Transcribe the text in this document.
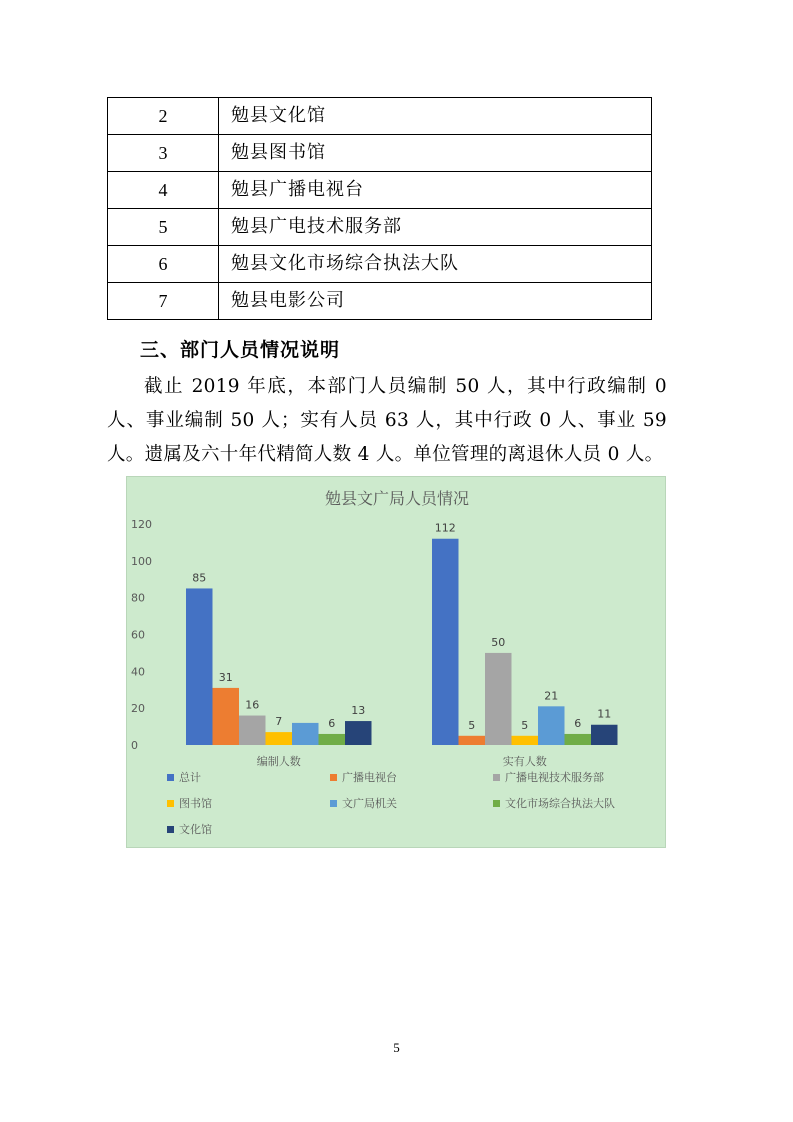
2	勉县文化馆
3	勉县图书馆
4	勉县广播电视台
5	勉县广电技术服务部
6	勉县文化市场综合执法大队
7	勉县电影公司
三、部门人员情况说明

截止 2019 年底，本部门人员编制 50 人，其中行政编制 0 人、事业编制 50 人；实有人员 63 人，其中行政 0 人、事业 59 人。遗属及六十年代精简人数 4 人。单位管理的离退休人员 0 人。

勉县文广局人员情况
0
20
40
60
80
100
120
85
31
16
7	6
13
编制人数
112
5
50
5
21
6
11
实有人数
总计	广播电视台	广播电视技术服务部
图书馆	文广局机关	文化市场综合执法大队
文化馆
5
